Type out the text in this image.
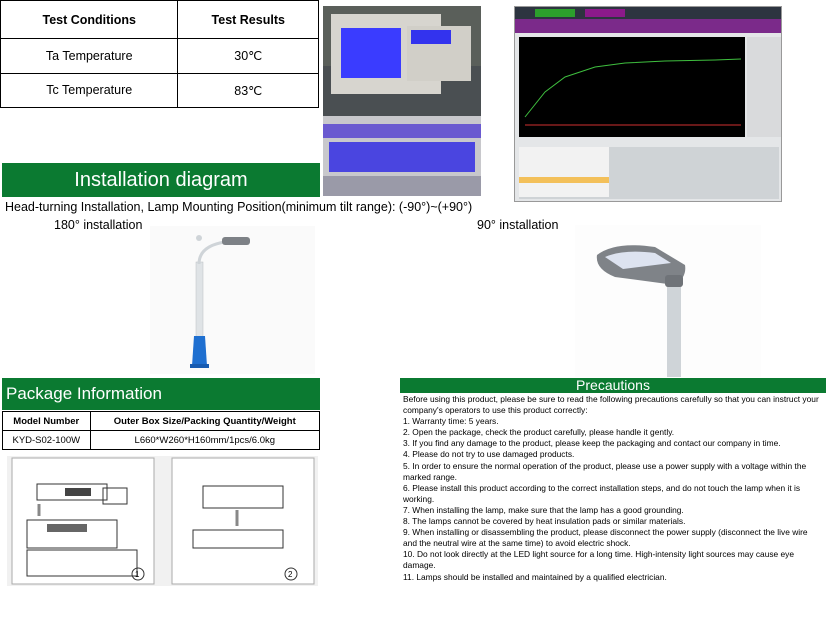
Test Conditions	Test Results
Ta Temperature	30℃
Tc Temperature	83℃
Installation diagram
Head-turning Installation, Lamp Mounting Position(minimum tilt range): (-90°)~(+90°)
180° installation	90° installation
Package Information
Model Number	Outer Box Size/Packing Quantity/Weight
KYD-S02-100W	L660*W260*H160mm/1pcs/6.0kg
1	2
Precautions

Before using this product, please be sure to read the following precautions carefully so that you can instruct your company's operators to use this product correctly:

1. Warranty time: 5 years.

2. Open the package, check the product carefully, please handle it gently.

3. If you find any damage to the product, please keep the packaging and contact our company in time.

4. Please do not try to use damaged products.

5. In order to ensure the normal operation of the product, please use a power supply with a voltage within the marked range.

6. Please install this product according to the correct installation steps, and do not touch the lamp when it is working.

7. When installing the lamp, make sure that the lamp has a good grounding.

8. The lamps cannot be covered by heat insulation pads or similar materials.

9. When installing or disassembling the product, please disconnect the power supply (disconnect the live wire and the neutral wire at the same time) to avoid electric shock.

10. Do not look directly at the LED light source for a long time. High-intensity light sources may cause eye damage.

11. Lamps should be installed and maintained by a qualified electrician.
